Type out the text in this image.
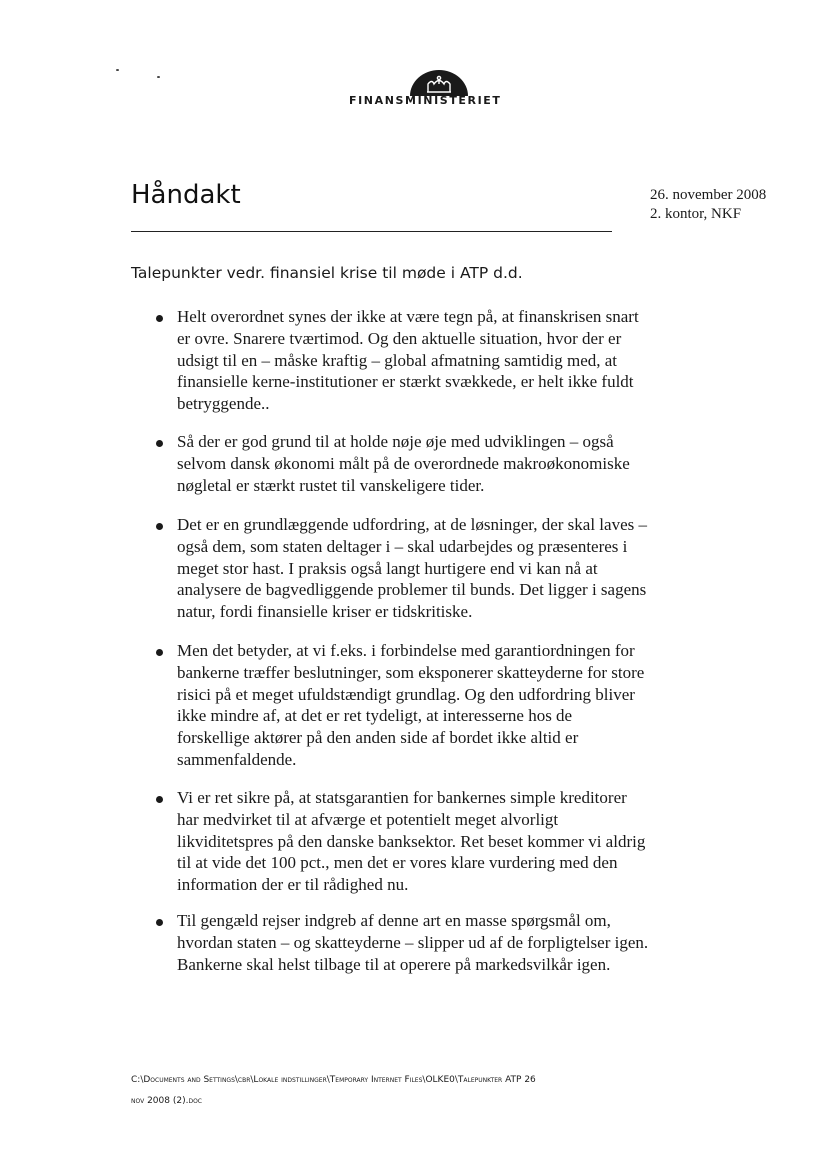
FINANSMINISTERIET
Håndakt	26. november 2008
2. kontor, NKF
Talepunkter vedr. finansiel krise til møde i ATP d.d.
Helt overordnet synes der ikke at være tegn på, at finanskrisen snart er ovre. Snarere tværtimod. Og den aktuelle situation, hvor der er udsigt til en – måske kraftig – global afmatning samtidig med, at finansielle kerne-institutioner er stærkt svækkede, er helt ikke fuldt betryggende..
Så der er god grund til at holde nøje øje med udviklingen – også selvom dansk økonomi målt på de overordnede makroøkonomiske nøgletal er stærkt rustet til vanskeligere tider.
Det er en grundlæggende udfordring, at de løsninger, der skal laves – også dem, som staten deltager i – skal udarbejdes og præsenteres i meget stor hast. I praksis også langt hurtigere end vi kan nå at analysere de bagvedliggende problemer til bunds. Det ligger i sagens natur, fordi finansielle kriser er tidskritiske.
Men det betyder, at vi f.eks. i forbindelse med garantiordningen for bankerne træffer beslutninger, som eksponerer skatteyderne for store risici på et meget ufuldstændigt grundlag. Og den udfordring bliver ikke mindre af, at det er ret tydeligt, at interesserne hos de forskellige aktører på den anden side af bordet ikke altid er sammenfaldende.
Vi er ret sikre på, at statsgarantien for bankernes simple kreditorer har medvirket til at afværge et potentielt meget alvorligt likviditetspres på den danske banksektor. Ret beset kommer vi aldrig til at vide det 100 pct., men det er vores klare vurdering med den information der er til rådighed nu.
Til gengæld rejser indgreb af denne art en masse spørgsmål om, hvordan staten – og skatteyderne – slipper ud af de forpligtelser igen. Bankerne skal helst tilbage til at operere på markedsvilkår igen.
C:\Documents and Settings\cbr\Lokale indstillinger\Temporary Internet Files\OLKE0\Talepunkter ATP 26
nov 2008 (2).doc
